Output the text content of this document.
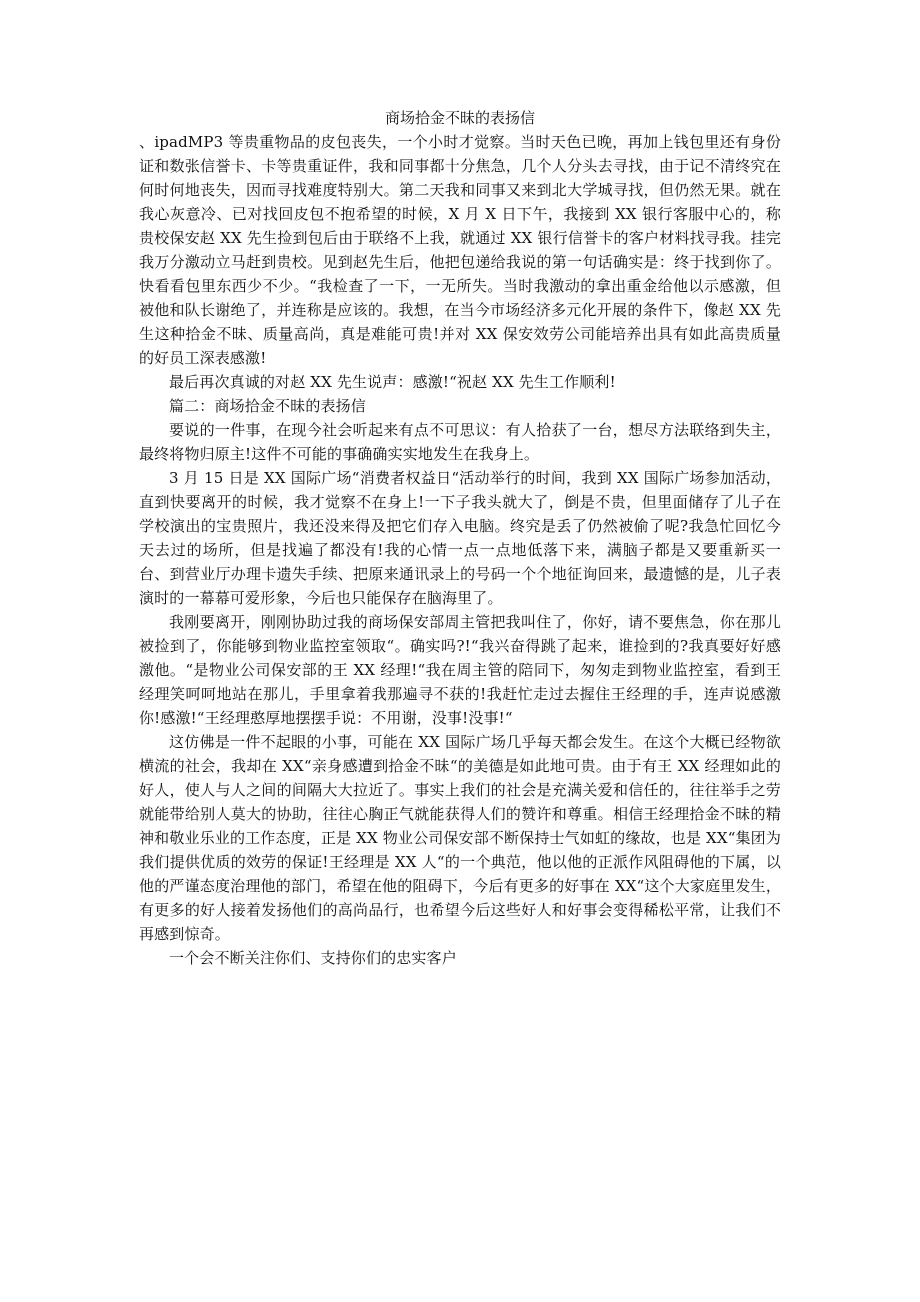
商场拾金不昧的表扬信

、ipadMP3 等贵重物品的皮包丧失，一个小时才觉察。当时天色已晚，再加上钱包里还有身份证和数张信誉卡、卡等贵重证件，我和同事都十分焦急，几个人分头去寻找，由于记不清终究在何时何地丧失，因而寻找难度特别大。第二天我和同事又来到北大学城寻找，但仍然无果。就在我心灰意冷、已对找回皮包不抱希望的时候，X 月 X 日下午，我接到 XX 银行客服中心的，称贵校保安赵 XX 先生捡到包后由于联络不上我，就通过 XX 银行信誉卡的客户材料找寻我。挂完我万分激动立马赶到贵校。见到赵先生后，他把包递给我说的第一句话确实是：终于找到你了。快看看包里东西少不少。“我检查了一下，一无所失。当时我激动的拿出重金给他以示感激，但被他和队长谢绝了，并连称是应该的。我想，在当今市场经济多元化开展的条件下，像赵 XX 先生这种拾金不昧、质量高尚，真是难能可贵!并对 XX 保安效劳公司能培养出具有如此高贵质量的好员工深表感激!

最后再次真诚的对赵 XX 先生说声：感激!“祝赵 XX 先生工作顺利!

篇二：商场拾金不昧的表扬信

要说的一件事，在现今社会听起来有点不可思议：有人拾获了一台，想尽方法联络到失主，最终将物归原主!这件不可能的事确确实实地发生在我身上。

3 月 15 日是 XX 国际广场“消费者权益日“活动举行的时间，我到 XX 国际广场参加活动，直到快要离开的时候，我才觉察不在身上!一下子我头就大了，倒是不贵，但里面储存了儿子在学校演出的宝贵照片，我还没来得及把它们存入电脑。终究是丢了仍然被偷了呢?我急忙回忆今天去过的场所，但是找遍了都没有!我的心情一点一点地低落下来，满脑子都是又要重新买一台、到营业厅办理卡遗失手续、把原来通讯录上的号码一个个地征询回来，最遗憾的是，儿子表演时的一幕幕可爱形象，今后也只能保存在脑海里了。

我刚要离开，刚刚协助过我的商场保安部周主管把我叫住了，你好，请不要焦急，你在那儿被捡到了，你能够到物业监控室领取“。确实吗?!“我兴奋得跳了起来，谁捡到的?我真要好好感激他。“是物业公司保安部的王 XX 经理!“我在周主管的陪同下，匆匆走到物业监控室，看到王经理笑呵呵地站在那儿，手里拿着我那遍寻不获的!我赶忙走过去握住王经理的手，连声说感激你!感激!“王经理憨厚地摆摆手说：不用谢，没事!没事!“

这仿佛是一件不起眼的小事，可能在 XX 国际广场几乎每天都会发生。在这个大概已经物欲横流的社会，我却在 XX“亲身感遭到拾金不昧“的美德是如此地可贵。由于有王 XX 经理如此的好人，使人与人之间的间隔大大拉近了。事实上我们的社会是充满关爱和信任的，往往举手之劳就能带给别人莫大的协助，往往心胸正气就能获得人们的赞许和尊重。相信王经理拾金不昧的精神和敬业乐业的工作态度，正是 XX 物业公司保安部不断保持士气如虹的缘故，也是 XX“集团为我们提供优质的效劳的保证!王经理是 XX 人“的一个典范，他以他的正派作风阻碍他的下属，以他的严谨态度治理他的部门，希望在他的阻碍下，今后有更多的好事在 XX“这个大家庭里发生，有更多的好人接着发扬他们的高尚品行，也希望今后这些好人和好事会变得稀松平常，让我们不再感到惊奇。

一个会不断关注你们、支持你们的忠实客户
